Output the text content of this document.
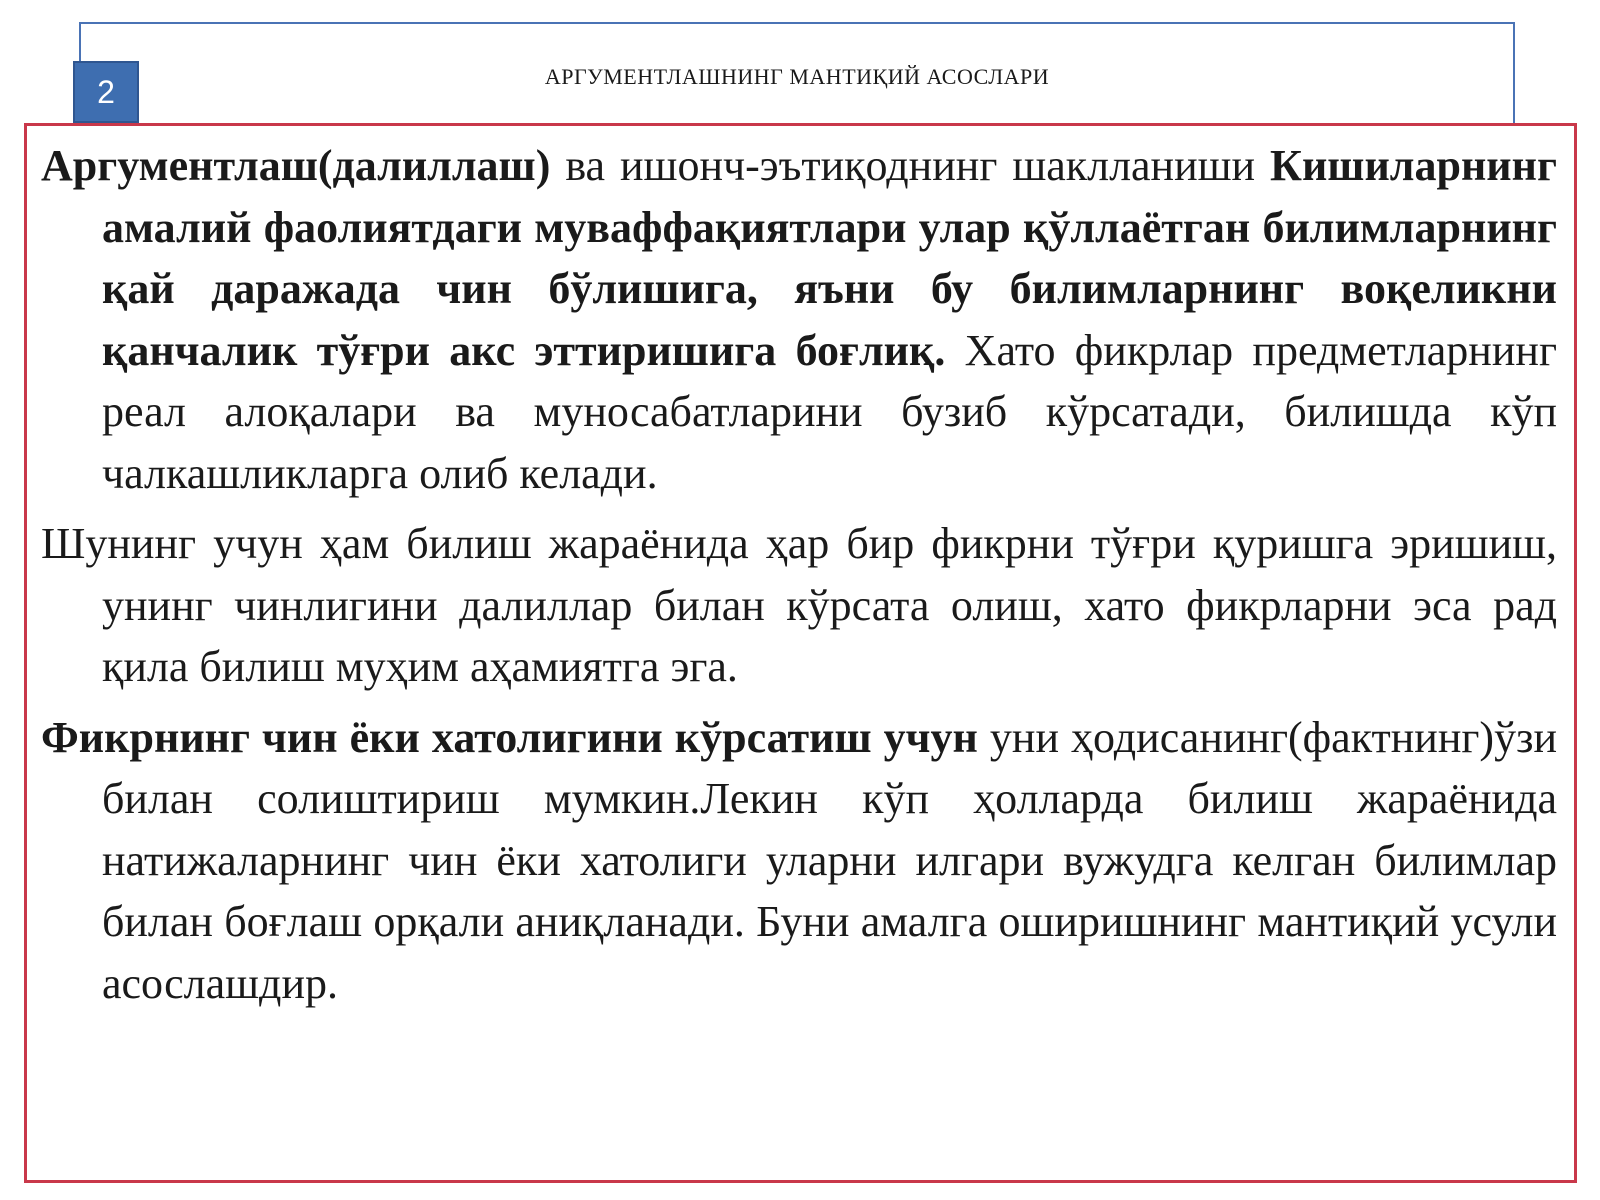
АРГУМЕНТЛАШНИНГ МАНТИҚИЙ АСОСЛАРИ
2

Аргументлаш(далиллаш) ва ишонч-эътиқоднинг шаклланиши Кишиларнинг амалий фаолиятдаги муваффақиятлари улар қўллаётган билимларнинг қай даражада чин бўлишига, яъни бу билимларнинг воқеликни қанчалик тўғри акс эттиришига боғлиқ. Хато фикрлар предметларнинг реал алоқалари ва муносабатларини бузиб кўрсатади, билишда кўп чалкашликларга олиб келади.

Шунинг учун ҳам билиш жараёнида ҳар бир фикрни тўғри қуришга эришиш, унинг чинлигини далиллар билан кўрсата олиш, хато фикрларни эса рад қила билиш муҳим аҳамиятга эга.

Фикрнинг чин ёки хатолигини кўрсатиш учун уни ҳодисанинг(фактнинг)ўзи билан солиштириш мумкин.Лекин кўп ҳолларда билиш жараёнида натижаларнинг чин ёки хатолиги уларни илгари вужудга келган билимлар билан боғлаш орқали аниқланади. Буни амалга оширишнинг мантиқий усули асослашдир.
